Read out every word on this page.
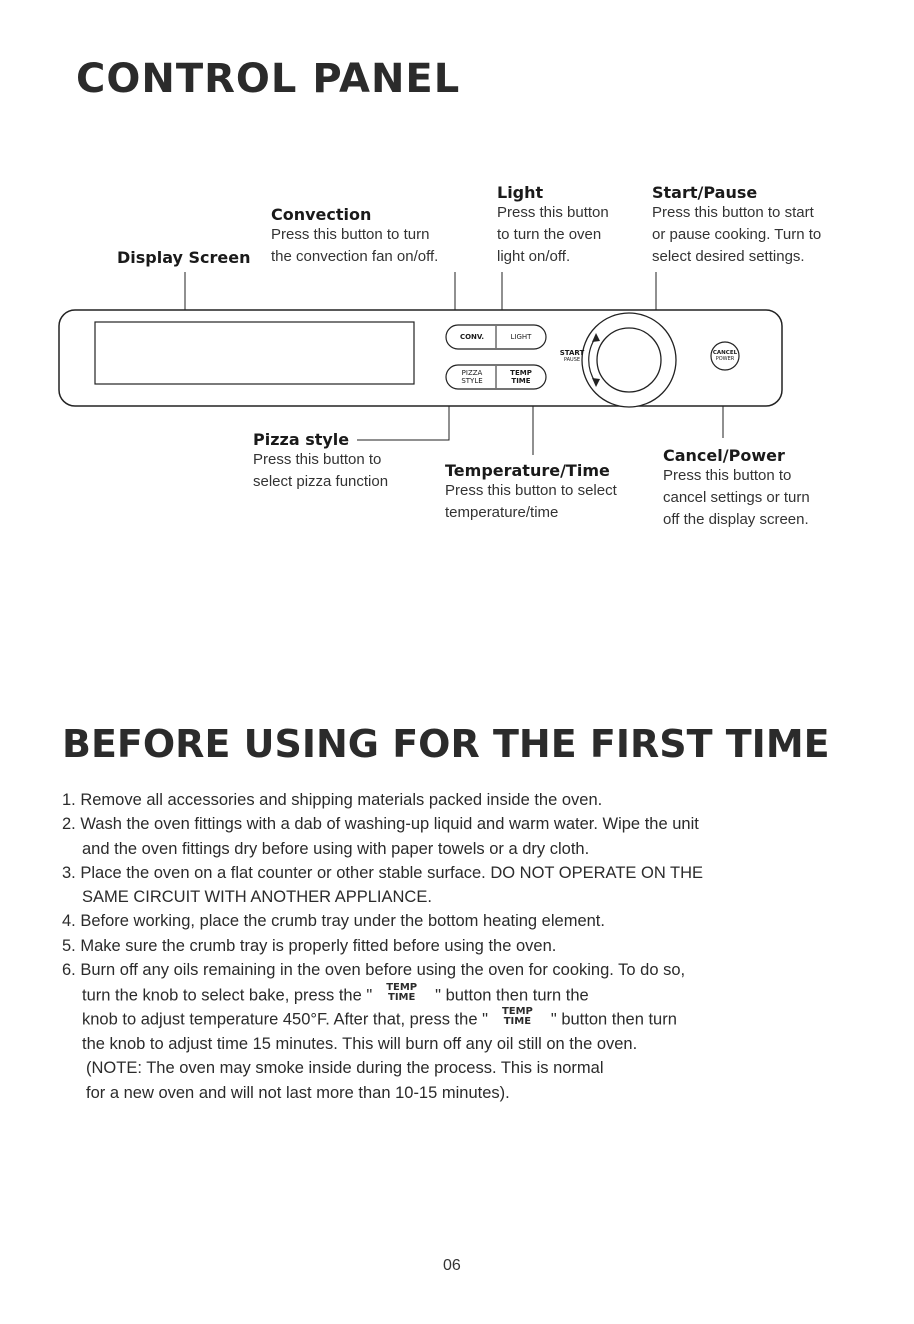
CONTROL PANEL
Display Screen
Convection
Press this button to turn
the convection fan on/off.
Light
Press this button
to turn the oven
light on/off.
Start/Pause
Press this button to start
or pause cooking. Turn to
select desired settings.
Pizza style
Press this button to
select pizza function
Temperature/Time
Press this button to select
temperature/time
Cancel/Power
Press this button to
cancel settings or turn
off the display screen.
CONV.	LIGHT
PIZZA
STYLE
TEMP
TIME
START
PAUSE
CANCEL
POWER
BEFORE USING FOR THE FIRST TIME
1. Remove all accessories and shipping materials packed inside the oven.
2. Wash the oven fittings with a dab of washing-up liquid and warm water. Wipe the unit
and the oven fittings dry before using with paper towels or a dry cloth.
3. Place the oven on a flat counter or other stable surface. DO NOT OPERATE ON THE
SAME CIRCUIT WITH ANOTHER APPLIANCE.
4. Before working, place the crumb tray under the bottom heating element.
5. Make sure the crumb tray is properly fitted before using the oven.
6. Burn off any oils remaining in the oven before using the oven for cooking. To do so,
turn the knob to select bake, press the " TEMP
TIME " button then turn the
knob to adjust temperature 450°F. After that, press the " TEMP
TIME " button then turn
the knob to adjust time 15 minutes. This will burn off any oil still on the oven.
(NOTE: The oven may smoke inside during the process. This is normal
for a new oven and will not last more than 10-15 minutes).
06
